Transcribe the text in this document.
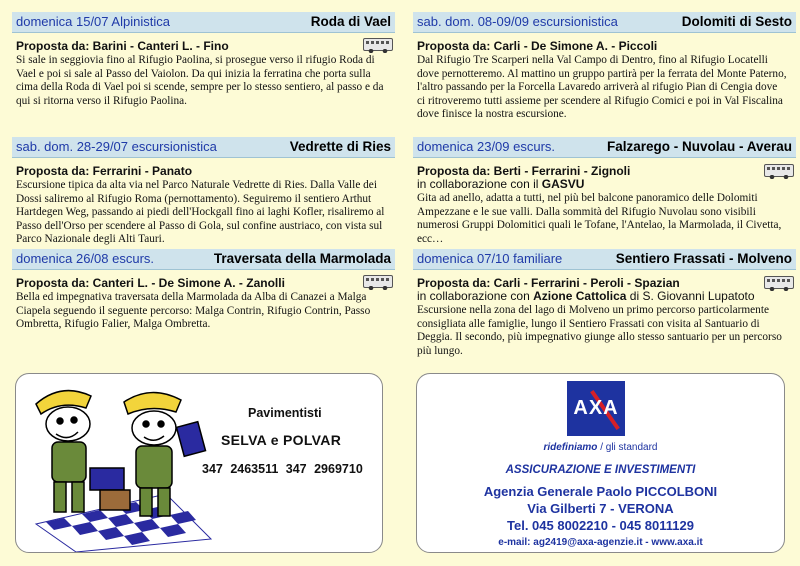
domenica 15/07 Alpinistica	Roda di Vael
Proposta da: Barini - Canteri L. - Fino
Si sale in seggiovia fino al Rifugio Paolina, si prosegue verso il rifugio Roda di Vael e poi si sale al Passo del Vaiolon. Da qui inizia la ferratina che porta sulla cima della Roda di Vael poi si scende, sempre per lo stesso sentiero, al passo e da qui si ritorna verso il Rifugio Paolina.
sab. dom. 28-29/07 escursionistica	Vedrette di Ries
Proposta da: Ferrarini - Panato
Escursione tipica da alta via nel Parco Naturale Vedrette di Ries. Dalla Valle dei Dossi saliremo al Rifugio Roma (pernottamento). Seguiremo il sentiero Arthut Hartdegen Weg, passando ai piedi dell'Hockgall fino ai laghi Kofler, risaliremo al Passo dell'Orso per scendere al Passo di Gola, sul confine austriaco, con vista sul Parco Nazionale degli Alti Tauri.
domenica 26/08 escurs.	Traversata della Marmolada
Proposta da: Canteri L. - De Simone A. - Zanolli
Bella ed impegnativa traversata della Marmolada da Alba di Canazei a Malga Ciapela seguendo il seguente percorso: Malga Contrin, Rifugio Contrin, Passo Ombretta, Rifugio Falier, Malga Ombretta.
sab. dom. 08-09/09 escursionistica	Dolomiti di Sesto
Proposta da: Carli - De Simone A. - Piccoli
Dal Rifugio Tre Scarperi nella Val Campo di Dentro, fino al Rifugio Locatelli dove pernotteremo. Al mattino un gruppo partirà per la ferrata del Monte Paterno, l'altro passando per la Forcella Lavaredo arriverà al rifugio Pian di Cengia dove ci ritroveremo tutti assieme per scendere al Rifugio Comici e poi in Val Fiscalina dove finisce la nostra escursione.
domenica 23/09 escurs.	Falzarego - Nuvolau - Averau
Proposta da: Berti - Ferrarini - Zignoli
in collaborazione con il GASVU
Gita ad anello, adatta a tutti, nel più bel balcone panoramico delle Dolomiti Ampezzane e le sue valli. Dalla sommità del Rifugio Nuvolau sono visibili numerosi Gruppi Dolomitici quali le Tofane, l'Antelao, la Marmolada, il Civetta, ecc…
domenica 07/10 familiare	Sentiero Frassati - Molveno
Proposta da: Carli - Ferrarini - Peroli - Spazian
in collaborazione con Azione Cattolica di S. Giovanni Lupatoto
Escursione nella zona del lago di Molveno un primo percorso particolarmente consigliata alle famiglie, lungo il Sentiero Frassati con visita al Santuario di Deggia. Il secondo, più impegnativo giunge allo stesso santuario per un percorso più lungo.
Pavimentisti
SELVA e POLVAR
347 2463511 347 2969710
AXA
ridefiniamo / gli standard
ASSICURAZIONE E INVESTIMENTI
Agenzia Generale Paolo PICCOLBONI
Via Gilberti 7 - VERONA
Tel. 045 8002210 - 045 8011129
e-mail: ag2419@axa-agenzie.it - www.axa.it
